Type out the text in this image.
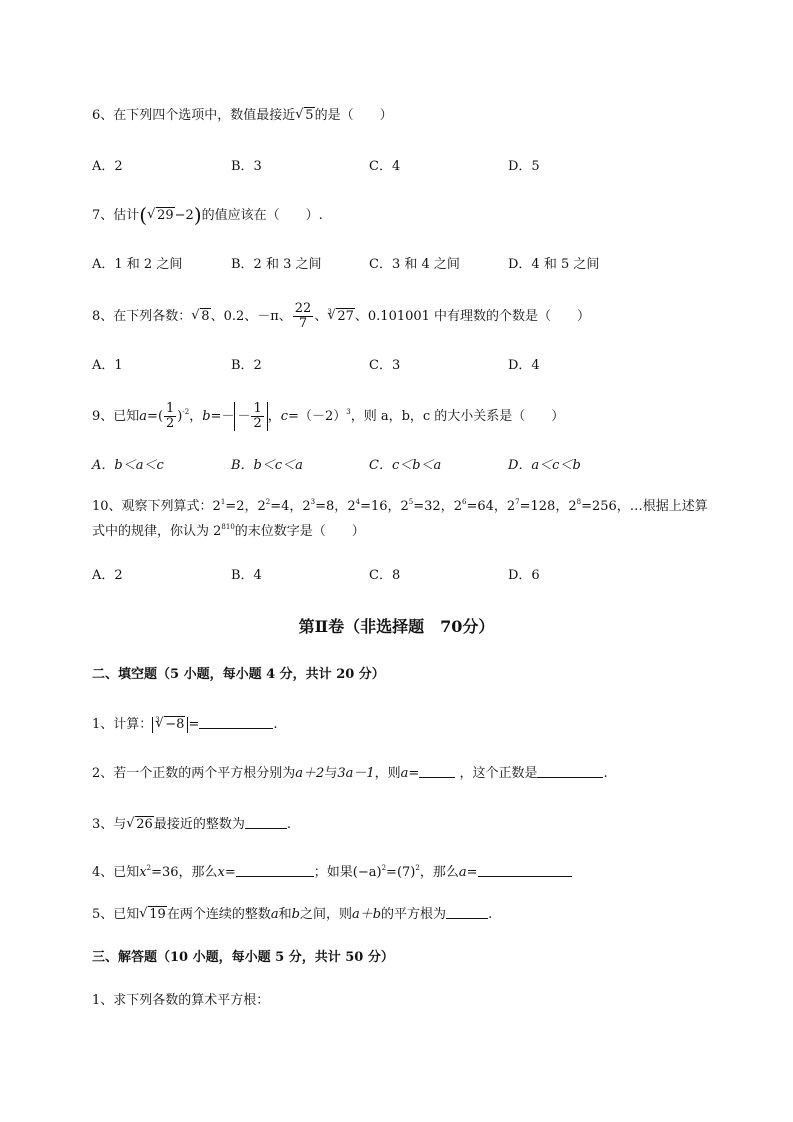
6、在下列四个选项中，数值最接近 √ 5的是（　　）
A．2	B．3	C．4	D．5
7、估计( √ 29−2)的值应该在（　　）.
A．1 和 2 之间	B．2 和 3 之间	C．3 和 4 之间	D．4 和 5 之间
8、在下列各数： √ 8、0.2、－π、 $\frac{22}{7}$ 、 √ 3 27、0.101001 中有理数的个数是（　　）
A．1	B．2	C．3	D．4
9、已知$a=( \frac{1}{2} )^{-2}$，$b=- - \frac{1}{2}$ ，$c=(-2)^3$，则 a，b，c 的大小关系是（　　）
A．b＜a＜c	B．b＜c＜a	C．c＜b＜a	D．a＜c＜b
10、观察下列算式：$2^1=2$，$2^2=4$，$2^3=8$，$2^4=16$，$2^5=32$，$2^6=64$，$2^7=128$，$2^8=256$，…根据上述算
式中的规律，你认为 $2^{810}$的末位数字是（　　）
A．2	B．4	C．8	D．6
第Ⅱ卷（非选择题　70分）
二、填空题（5 小题，每小题 4 分，共计 20 分）
1、计算： √ 3 −8 =	.
2、若一个正数的两个平方根分别为a＋2与3a－1，则a=	，这个正数是	.
3、与 √ 26最接近的整数为	.
4、已知$x^2=36$，那么x=	；如果$(-a)^2=(7)^2$，那么a=
5、已知 √ 19在两个连续的整数a和b之间，则a＋b的平方根为	.
三、解答题（10 小题，每小题 5 分，共计 50 分）
1、求下列各数的算术平方根：
